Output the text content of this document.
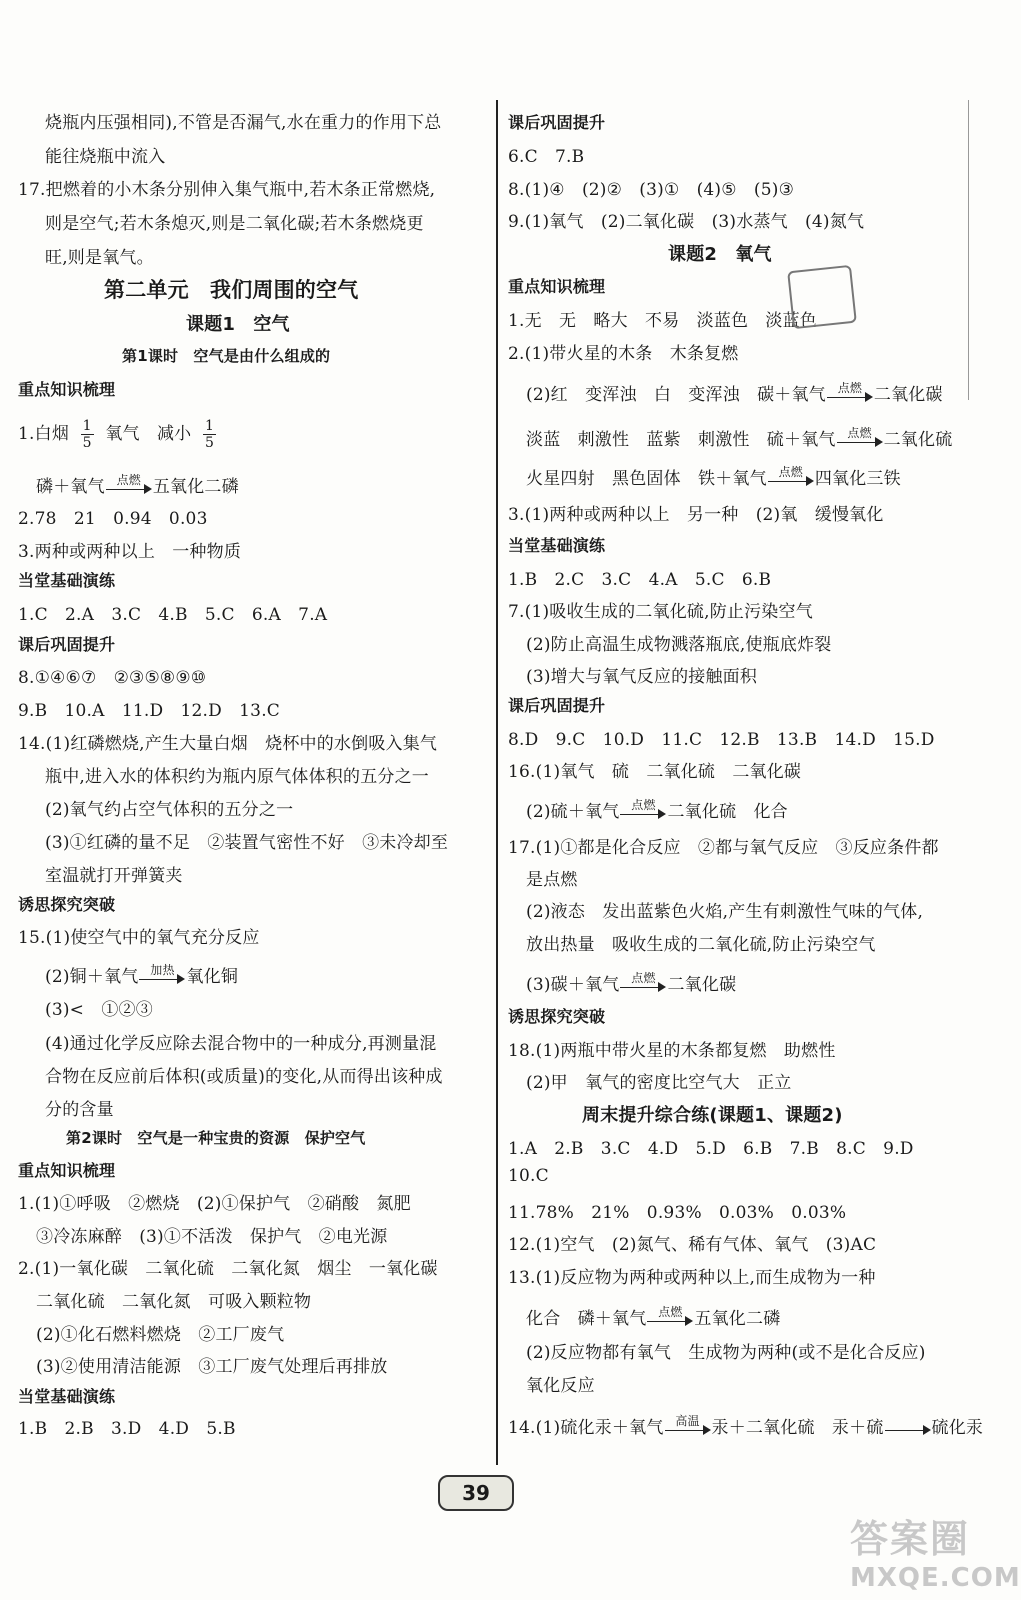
烧瓶内压强相同),不管是否漏气,水在重力的作用下总
能往烧瓶中流入
17.把燃着的小木条分别伸入集气瓶中,若木条正常燃烧,
则是空气;若木条熄灭,则是二氧化碳;若木条燃烧更
旺,则是氧气。
第二单元　我们周围的空气
课题1　空气
第1课时　空气是由什么组成的
重点知识梳理
1.白烟 $\frac{1}{5}$ 氧气　减小 $\frac{1}{5}$
磷＋氧气 点燃 五氧化二磷
2.78　21　0.94　0.03
3.两种或两种以上　一种物质
当堂基础演练
1.C　2.A　3.C　4.B　5.C　6.A　7.A
课后巩固提升
8.①④⑥⑦　②③⑤⑧⑨⑩
9.B　10.A　11.D　12.D　13.C
14.(1)红磷燃烧,产生大量白烟　烧杯中的水倒吸入集气
瓶中,进入水的体积约为瓶内原气体体积的五分之一
(2)氧气约占空气体积的五分之一
(3)①红磷的量不足　②装置气密性不好　③未冷却至
室温就打开弹簧夹
诱思探究突破
15.(1)使空气中的氧气充分反应
(2)铜＋氧气 加热 氧化铜
(3)<　①②③
(4)通过化学反应除去混合物中的一种成分,再测量混
合物在反应前后体积(或质量)的变化,从而得出该种成
分的含量
第2课时　空气是一种宝贵的资源　保护空气
重点知识梳理
1.(1)①呼吸　②燃烧　(2)①保护气　②硝酸　氮肥
③冷冻麻醉　(3)①不活泼　保护气　②电光源
2.(1)一氧化碳　二氧化硫　二氧化氮　烟尘　一氧化碳
二氧化硫　二氧化氮　可吸入颗粒物
(2)①化石燃料燃烧　②工厂废气
(3)②使用清洁能源　③工厂废气处理后再排放
当堂基础演练
1.B　2.B　3.D　4.D　5.B
课后巩固提升
6.C　7.B
8.(1)④　(2)②　(3)①　(4)⑤　(5)③
9.(1)氧气　(2)二氧化碳　(3)水蒸气　(4)氮气
课题2　氧气
重点知识梳理
1.无　无　略大　不易　淡蓝色　淡蓝色
2.(1)带火星的木条　木条复燃
(2)红　变浑浊　白　变浑浊　碳＋氧气 点燃 二氧化碳
淡蓝　刺激性　蓝紫　刺激性　硫＋氧气 点燃 二氧化硫
火星四射　黑色固体　铁＋氧气 点燃 四氧化三铁
3.(1)两种或两种以上　另一种　(2)氧　缓慢氧化
当堂基础演练
1.B　2.C　3.C　4.A　5.C　6.B
7.(1)吸收生成的二氧化硫,防止污染空气
(2)防止高温生成物溅落瓶底,使瓶底炸裂
(3)增大与氧气反应的接触面积
课后巩固提升
8.D　9.C　10.D　11.C　12.B　13.B　14.D　15.D
16.(1)氧气　硫　二氧化硫　二氧化碳
(2)硫＋氧气 点燃 二氧化硫　化合
17.(1)①都是化合反应　②都与氧气反应　③反应条件都
是点燃
(2)液态　发出蓝紫色火焰,产生有刺激性气味的气体,
放出热量　吸收生成的二氧化硫,防止污染空气
(3)碳＋氧气 点燃 二氧化碳
诱思探究突破
18.(1)两瓶中带火星的木条都复燃　助燃性
(2)甲　氧气的密度比空气大　正立
周末提升综合练(课题1、课题2)
1.A　2.B　3.C　4.D　5.D　6.B　7.B　8.C　9.D
10.C
11.78%　21%　0.93%　0.03%　0.03%
12.(1)空气　(2)氮气、稀有气体、氧气　(3)AC
13.(1)反应物为两种或两种以上,而生成物为一种
化合　磷＋氧气 点燃 五氧化二磷
(2)反应物都有氧气　生成物为两种(或不是化合反应)
氧化反应
14.(1)硫化汞＋氧气 高温 汞＋二氧化硫　汞＋硫	硫化汞
39
答案圈
MXQE.COM
